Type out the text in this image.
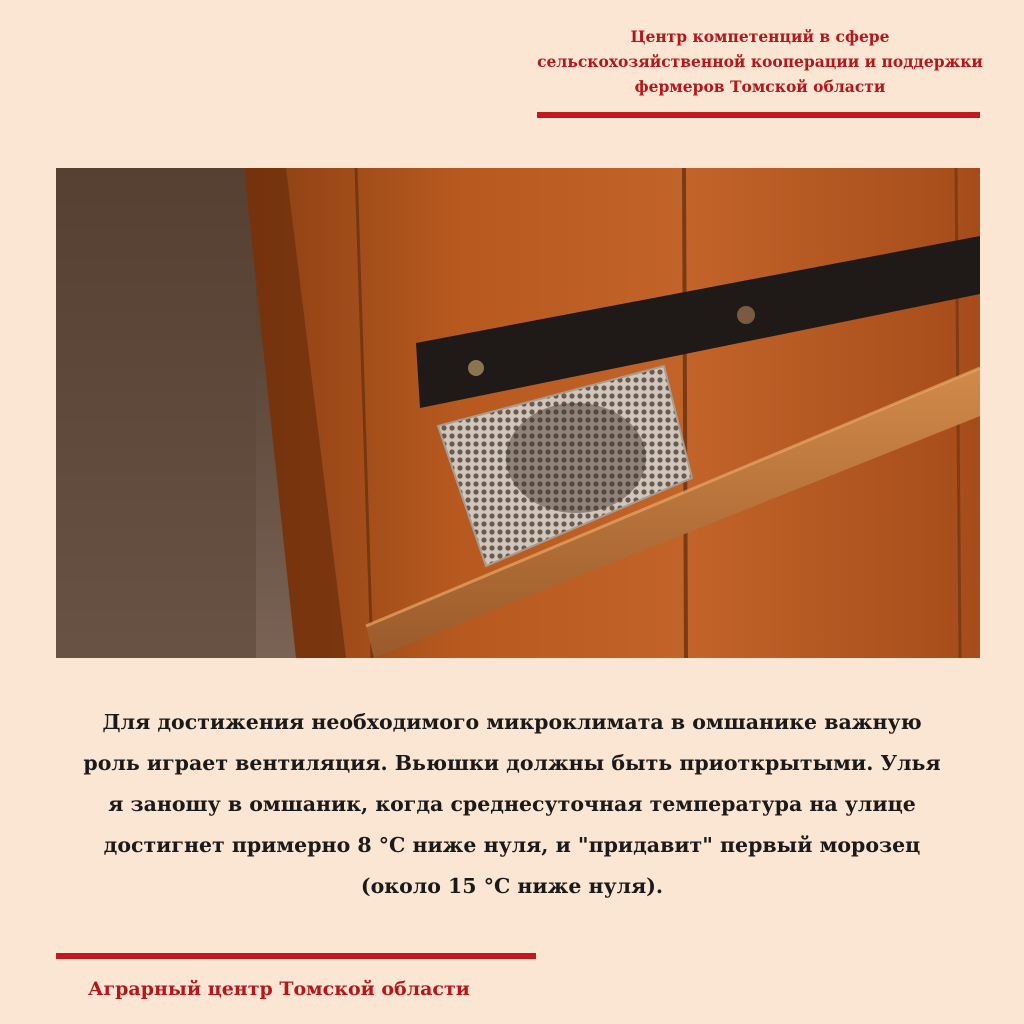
Центр компетенций в сфере
сельскохозяйственной кооперации и поддержки
фермеров Томской области
Для достижения необходимого микроклимата в омшанике важную
роль играет вентиляция. Вьюшки должны быть приоткрытыми. Улья
я заношу в омшаник, когда среднесуточная температура на улице
достигнет примерно 8 °С ниже нуля, и "придавит" первый морозец
(около 15 °С ниже нуля).
Аграрный центр Томской области
